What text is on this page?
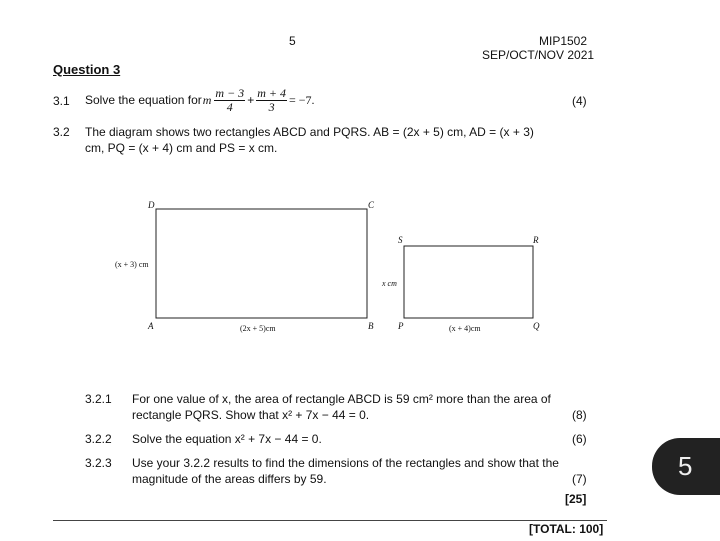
5	MIP1502
SEP/OCT/NOV 2021
Question 3
3.1 Solve the equation for m $\frac{m - 3}{4} + \frac{m + 4}{3} = -7$.	(4)
3.2 The diagram shows two rectangles ABCD and PQRS. AB = (2x + 5) cm, AD = (x + 3)
cm, PQ = (x + 4) cm and PS = x cm.
D	C
A	B
(x + 3) cm
(2x + 5)cm
S	R
P	Q
x cm
(x + 4)cm
3.2.1 For one value of x, the area of rectangle ABCD is 59 cm² more than the area of
rectangle PQRS. Show that x² + 7x − 44 = 0.	(8)
3.2.2 Solve the equation x² + 7x − 44 = 0.	(6)
3.2.3 Use your 3.2.2 results to find the dimensions of the rectangles and show that the
magnitude of the areas differs by 59.	(7)
[25]
[TOTAL: 100]
5
